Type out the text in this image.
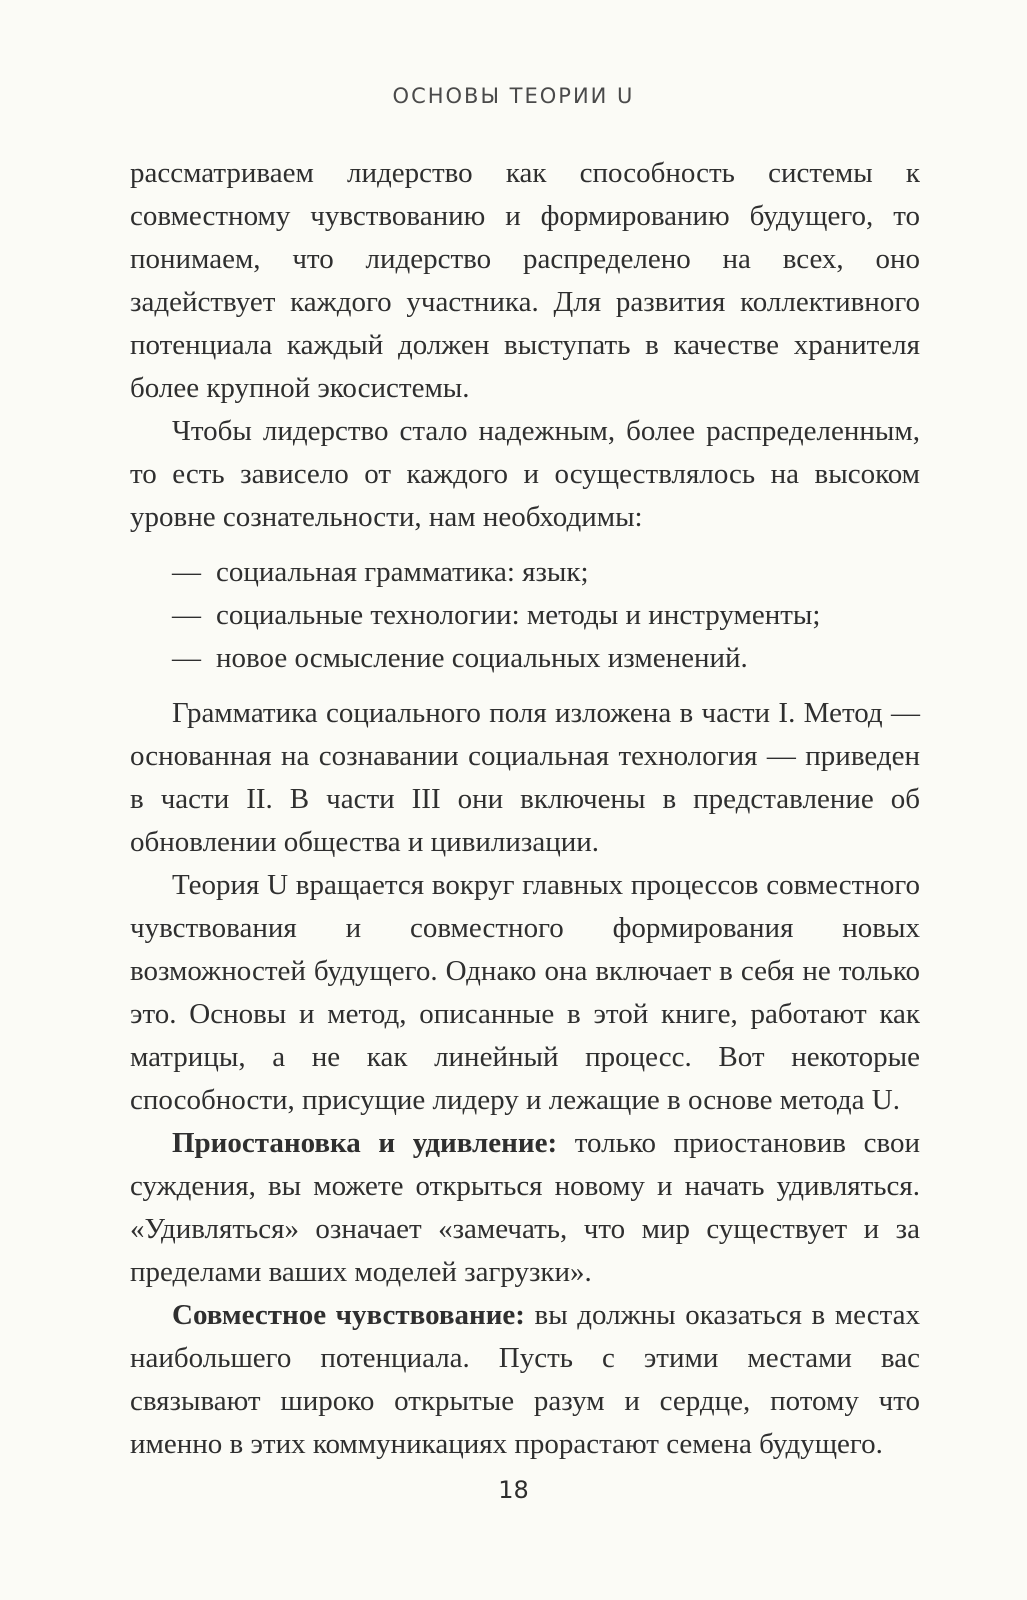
ОСНОВЫ ТЕОРИИ U

рассматриваем лидерство как способность системы к совместному чувствованию и формированию будущего, то понимаем, что лидерство распределено на всех, оно задействует каждого участника. Для развития коллективного потенциала каждый должен выступать в качестве хранителя более крупной экосистемы.

Чтобы лидерство стало надежным, более распределенным, то есть зависело от каждого и осуществлялось на высоком уровне сознательности, нам необходимы:

— социальная грамматика: язык;
— социальные технологии: методы и инструменты;
— новое осмысление социальных изменений.

Грамматика социального поля изложена в части I. Метод — основанная на сознавании социальная технология — приведен в части II. В части III они включены в представление об обновлении общества и цивилизации.

Теория U вращается вокруг главных процессов совместного чувствования и совместного формирования новых возможностей будущего. Однако она включает в себя не только это. Основы и метод, описанные в этой книге, работают как матрицы, а не как линейный процесс. Вот некоторые способности, присущие лидеру и лежащие в основе метода U.

Приостановка и удивление: только приостановив свои суждения, вы можете открыться новому и начать удивляться. «Удивляться» означает «замечать, что мир существует и за пределами ваших моделей загрузки».

Совместное чувствование: вы должны оказаться в местах наибольшего потенциала. Пусть с этими местами вас связывают широко открытые разум и сердце, потому что именно в этих коммуникациях прорастают семена будущего.

18
